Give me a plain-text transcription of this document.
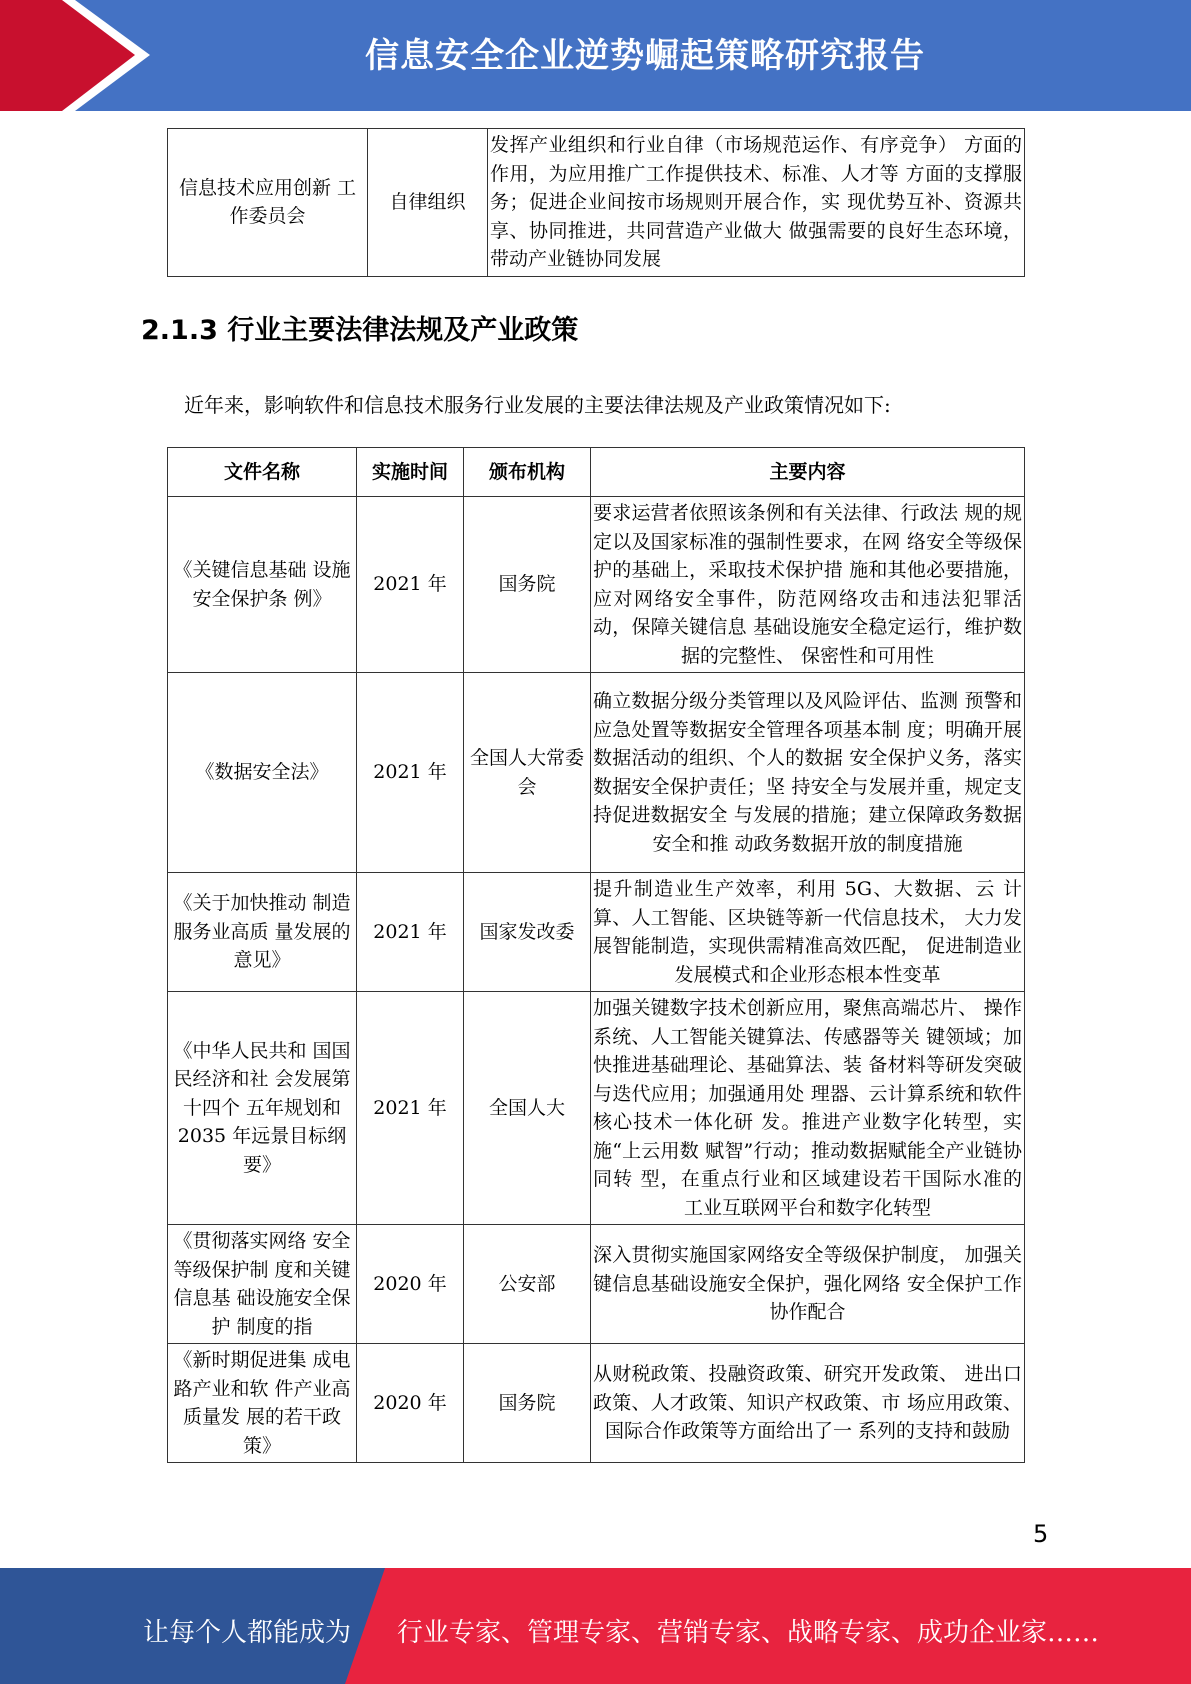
信息安全企业逆势崛起策略研究报告
信息技术应用创新 工作委员会	自律组织	发挥产业组织和行业自律（市场规范运作、有序竞争） 方面的作用，为应用推广工作提供技术、标准、人才等 方面的支撑服务；促进企业间按市场规则开展合作，实 现优势互补、资源共享、协同推进，共同营造产业做大 做强需要的良好生态环境，带动产业链协同发展
2.1.3 行业主要法律法规及产业政策
近年来，影响软件和信息技术服务行业发展的主要法律法规及产业政策情况如下:
文件名称	实施时间	颁布机构	主要内容
《关键信息基础 设施安全保护条 例》	2021 年	国务院	要求运营者依照该条例和有关法律、行政法 规的规定以及国家标准的强制性要求，在网 络安全等级保护的基础上，采取技术保护措 施和其他必要措施，应对网络安全事件，防范网络攻击和违法犯罪活动，保障关键信息 基础设施安全稳定运行，维护数据的完整性、 保密性和可用性
《数据安全法》	2021 年	全国人大常委会	确立数据分级分类管理以及风险评估、监测 预警和应急处置等数据安全管理各项基本制 度；明确开展数据活动的组织、个人的数据 安全保护义务，落实数据安全保护责任；坚 持安全与发展并重，规定支持促进数据安全 与发展的措施；建立保障政务数据安全和推 动政务数据开放的制度措施
《关于加快推动 制造服务业高质 量发展的意见》	2021 年	国家发改委	提升制造业生产效率，利用 5G、大数据、云 计算、人工智能、区块链等新一代信息技术， 大力发展智能制造，实现供需精准高效匹配， 促进制造业发展模式和企业形态根本性变革
《中华人民共和 国国民经济和社 会发展第十四个 五年规划和 2035 年远景目标纲要》	2021 年	全国人大	加强关键数字技术创新应用，聚焦高端芯片、 操作系统、人工智能关键算法、传感器等关 键领域；加快推进基础理论、基础算法、装 备材料等研发突破与迭代应用；加强通用处 理器、云计算系统和软件核心技术一体化研 发。推进产业数字化转型，实施“上云用数 赋智”行动；推动数据赋能全产业链协同转 型，在重点行业和区域建设若干国际水准的 工业互联网平台和数字化转型
《贯彻落实网络 安全等级保护制 度和关键信息基 础设施安全保护 制度的指	2020 年	公安部	深入贯彻实施国家网络安全等级保护制度， 加强关键信息基础设施安全保护，强化网络 安全保护工作协作配合
《新时期促进集 成电路产业和软 件产业高质量发 展的若干政策》	2020 年	国务院	从财税政策、投融资政策、研究开发政策、 进出口政策、人才政策、知识产权政策、市 场应用政策、国际合作政策等方面给出了一 系列的支持和鼓励
5
让每个人都能成为 行业专家、管理专家、营销专家、战略专家、成功企业家……
